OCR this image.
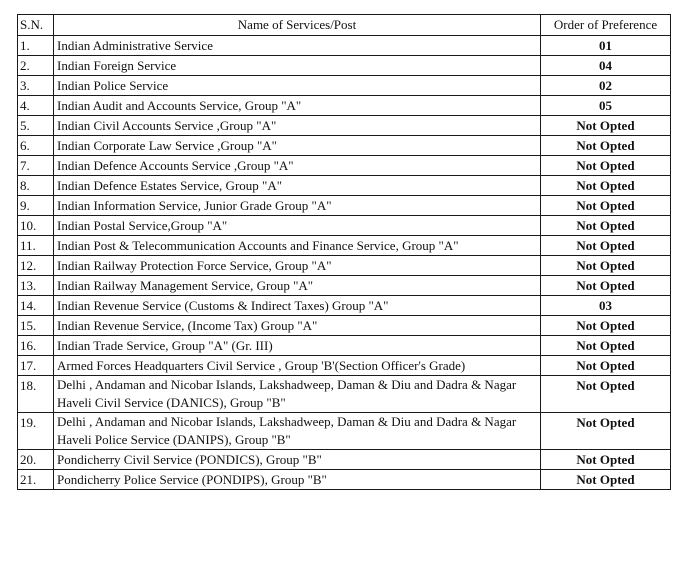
S.N.	Name of Services/Post	Order of Preference
1.	Indian Administrative Service	01
2.	Indian Foreign Service	04
3.	Indian Police Service	02
4.	Indian Audit and Accounts Service, Group "A"	05
5.	Indian Civil Accounts Service ,Group "A"	Not Opted
6.	Indian Corporate Law Service ,Group "A"	Not Opted
7.	Indian Defence Accounts Service ,Group "A"	Not Opted
8.	Indian Defence Estates Service, Group "A"	Not Opted
9.	Indian Information Service, Junior Grade Group "A"	Not Opted
10.	Indian Postal Service,Group "A"	Not Opted
11.	Indian Post & Telecommunication Accounts and Finance Service, Group "A"	Not Opted
12.	Indian Railway Protection Force Service, Group "A"	Not Opted
13.	Indian Railway Management Service, Group "A"	Not Opted
14.	Indian Revenue Service (Customs & Indirect Taxes) Group "A"	03
15.	Indian Revenue Service, (Income Tax) Group "A"	Not Opted
16.	Indian Trade Service, Group "A" (Gr. III)	Not Opted
17.	Armed Forces Headquarters Civil Service , Group 'B'(Section Officer's Grade)	Not Opted
18.	Delhi , Andaman and Nicobar Islands, Lakshadweep, Daman & Diu and Dadra & Nagar Haveli Civil Service (DANICS), Group "B"	Not Opted
19.	Delhi , Andaman and Nicobar Islands, Lakshadweep, Daman & Diu and Dadra & Nagar Haveli Police Service (DANIPS), Group "B"	Not Opted
20.	Pondicherry Civil Service (PONDICS), Group "B"	Not Opted
21.	Pondicherry Police Service (PONDIPS), Group "B"	Not Opted
